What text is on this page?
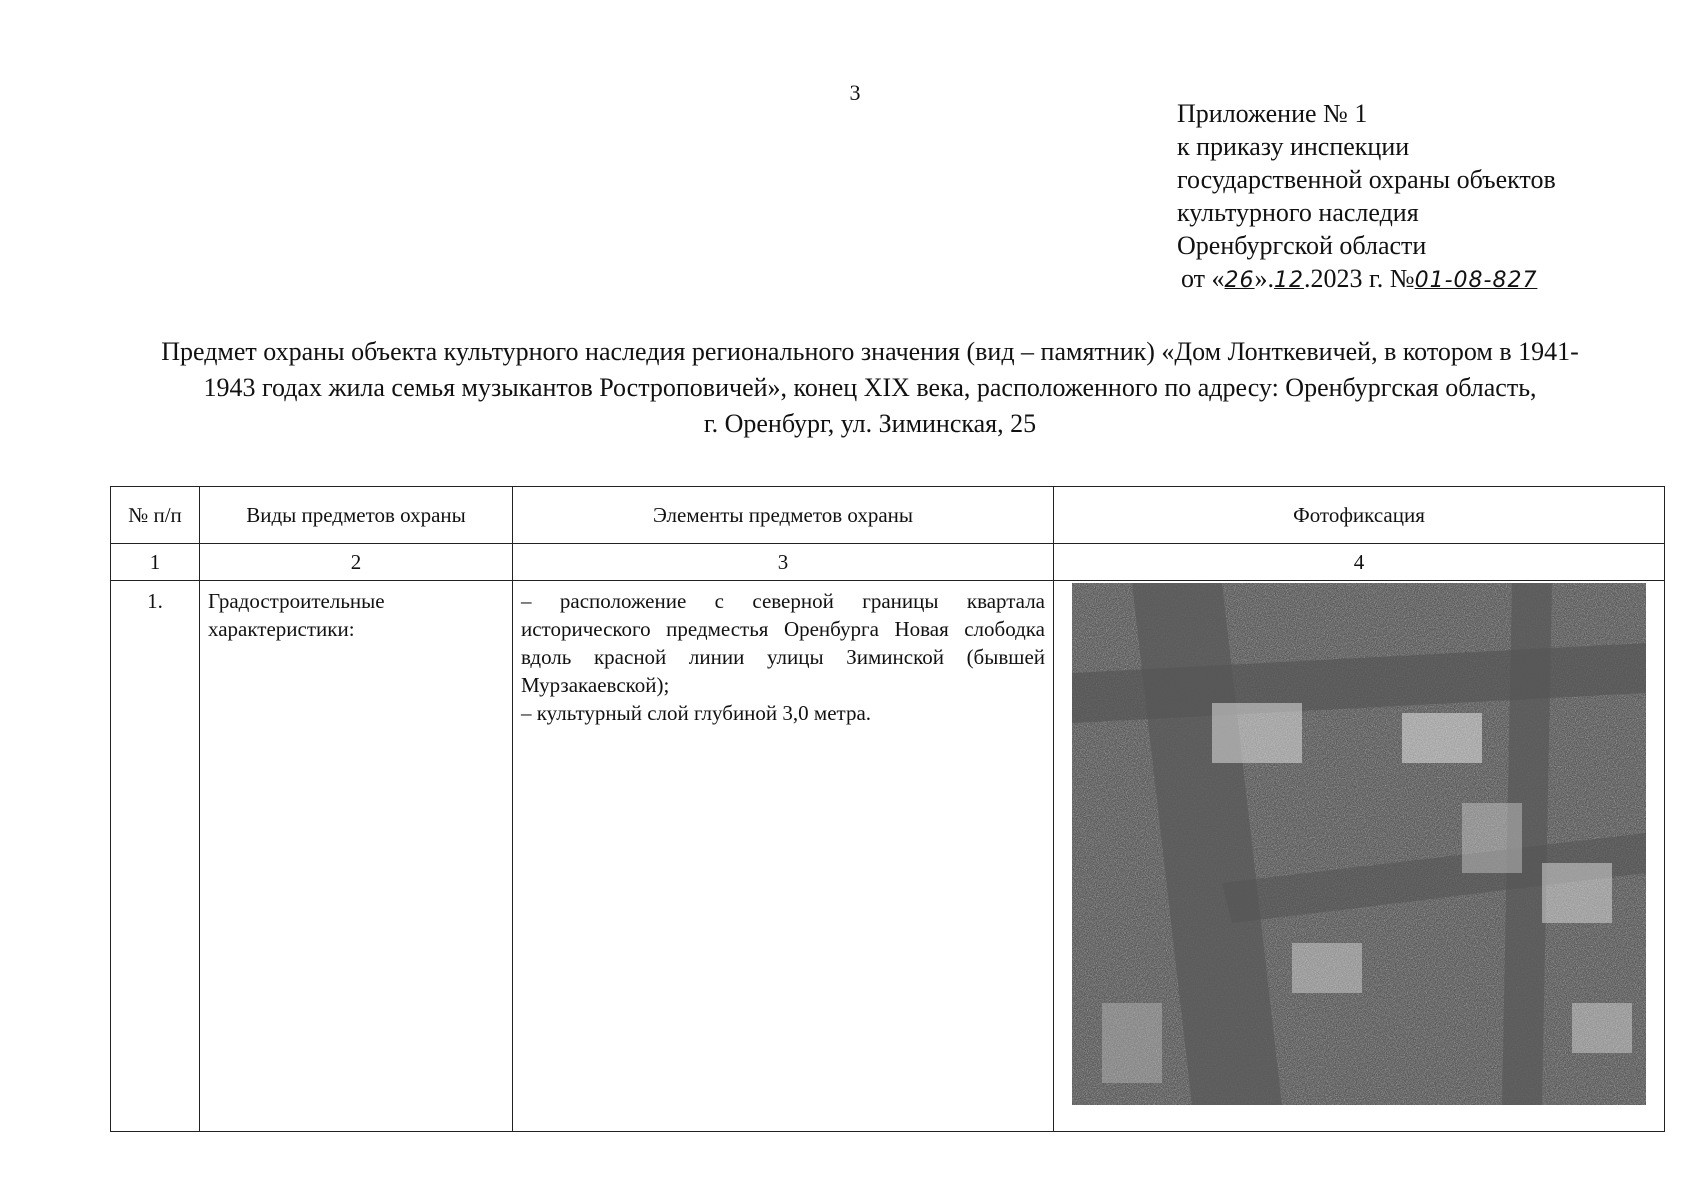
3
Приложение № 1
к приказу инспекции
государственной охраны объектов
культурного наследия
Оренбургской области
от «26».12.2023 г. №01-08-827
Предмет охраны объекта культурного наследия регионального значения (вид – памятник) «Дом Лонткевичей, в котором в 1941-
1943 годах жила семья музыкантов Ростроповичей», конец XIX века, расположенного по адресу: Оренбургская область,
г. Оренбург, ул. Зиминская, 25
№ п/п	Виды предметов охраны	Элементы предметов охраны	Фотофиксация
1	2	3	4
1.	Градостроительные характеристики:	– расположение с северной границы квартала исторического предместья Оренбурга Новая слободка вдоль красной линии улицы Зиминской (бывшей Мурзакаевской);

– культурный слой глубиной 3,0 метра.
